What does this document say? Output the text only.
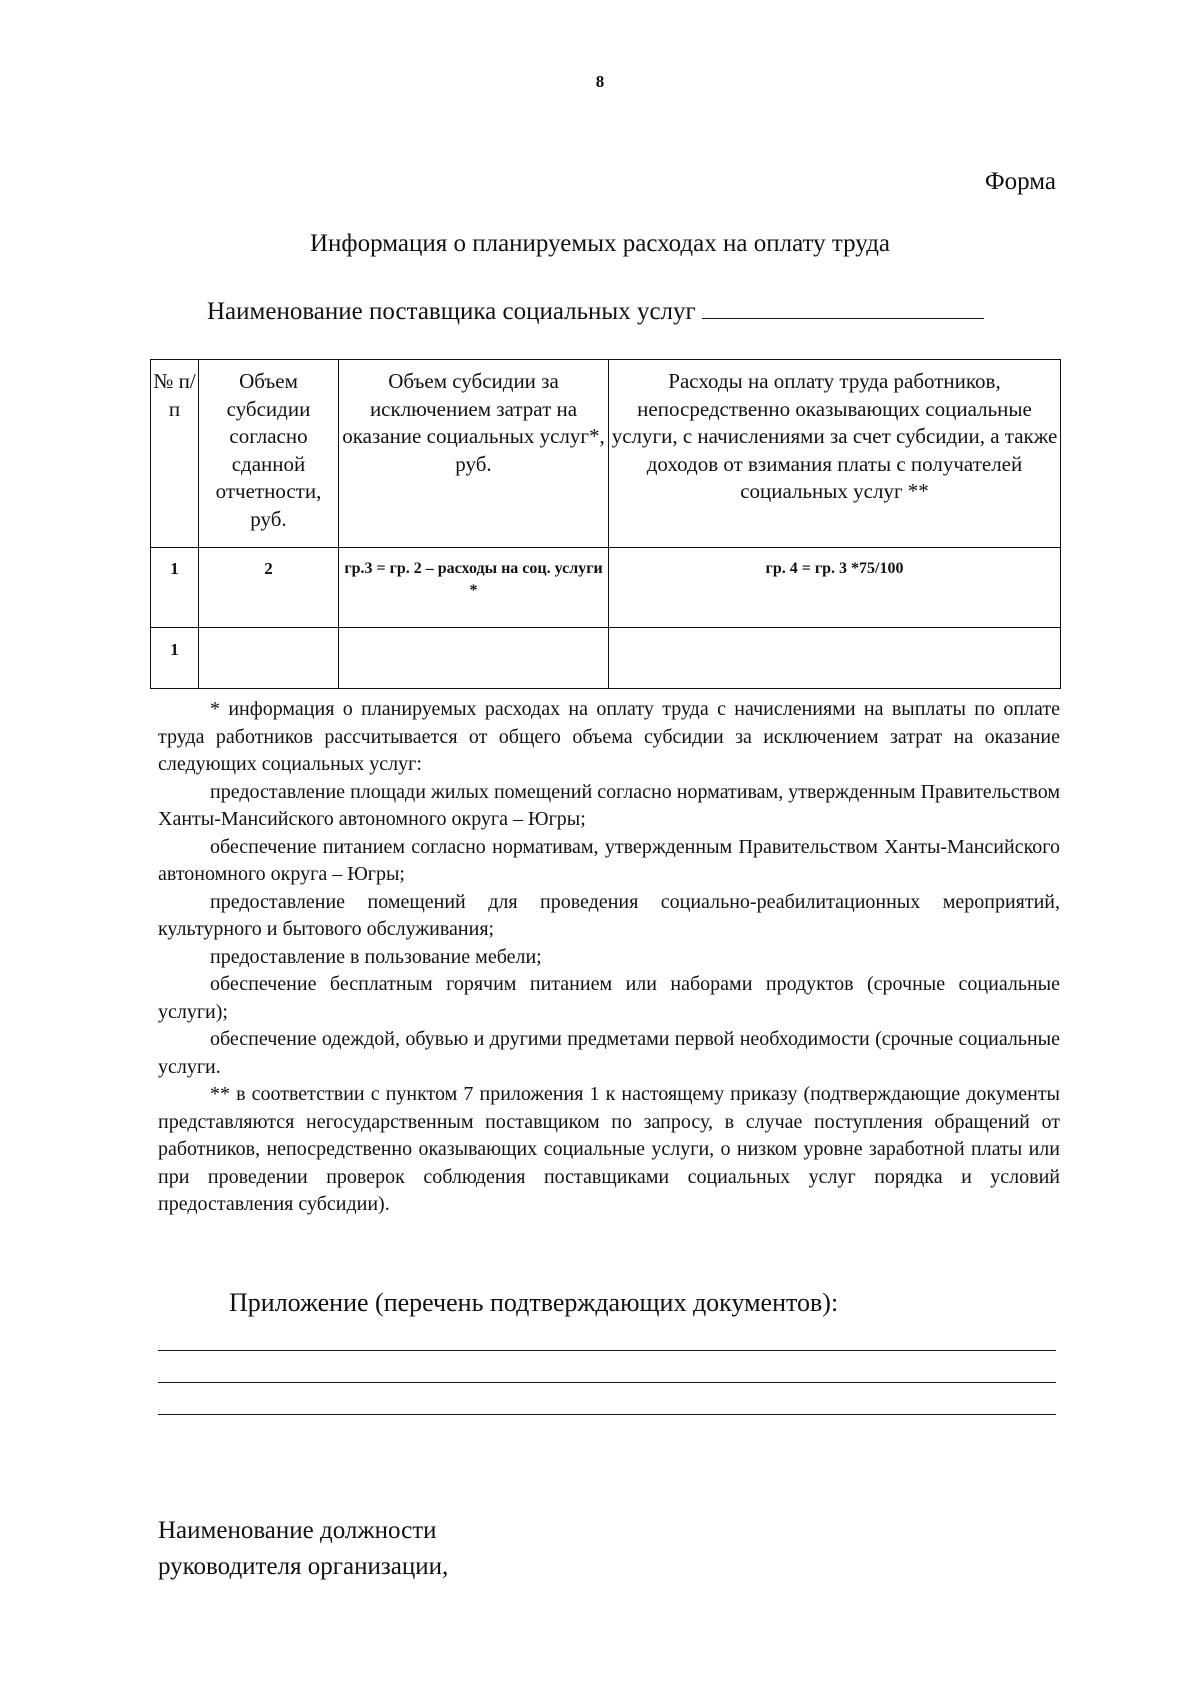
8
Форма
Информация о планируемых расходах на оплату труда
Наименование поставщика социальных услуг
№ п/п	Объем субсидии согласно сданной отчетности, руб.	Объем субсидии за исключением затрат на оказание социальных услуг*, руб.	Расходы на оплату труда работников, непосредственно оказывающих социальные услуги, с начислениями за счет субсидии, а также доходов от взимания платы с получателей социальных услуг **
1	2	гр.3 = гр. 2 – расходы на соц. услуги *	гр. 4 = гр. 3 *75/100
1			

* информация о планируемых расходах на оплату труда с начислениями на выплаты по оплате труда работников рассчитывается от общего объема субсидии за исключением затрат на оказание следующих социальных услуг:

предоставление площади жилых помещений согласно нормативам, утвержденным Правительством Ханты-Мансийского автономного округа – Югры;

обеспечение питанием согласно нормативам, утвержденным Правительством Ханты-Мансийского автономного округа – Югры;

предоставление помещений для проведения социально-реабилитационных мероприятий, культурного и бытового обслуживания;

предоставление в пользование мебели;

обеспечение бесплатным горячим питанием или наборами продуктов (срочные социальные услуги);

обеспечение одеждой, обувью и другими предметами первой необходимости (срочные социальные услуги.

** в соответствии с пунктом 7 приложения 1 к настоящему приказу (подтверждающие документы представляются негосударственным поставщиком по запросу, в случае поступления обращений от работников, непосредственно оказывающих социальные услуги, о низком уровне заработной платы или при проведении проверок соблюдения поставщиками социальных услуг порядка и условий предоставления субсидии).

Приложение (перечень подтверждающих документов):
Наименование должности
руководителя организации,
